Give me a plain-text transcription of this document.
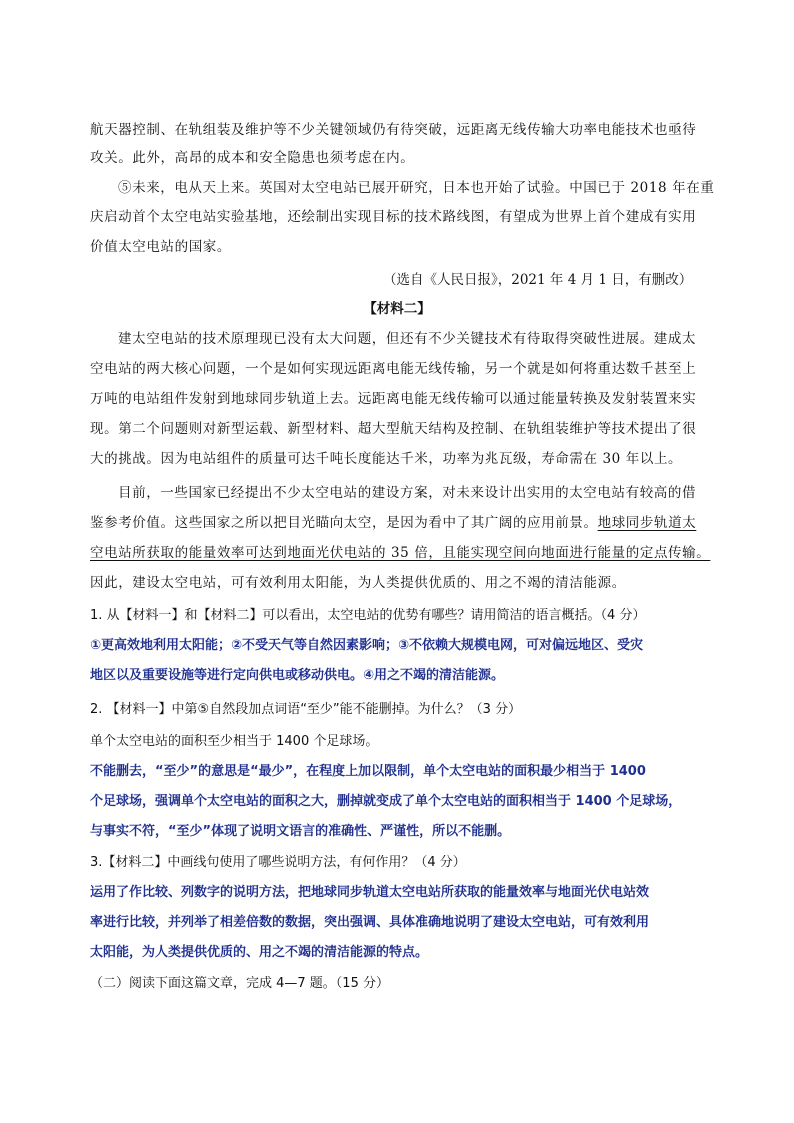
航天器控制、在轨组装及维护等不少关键领域仍有待突破，远距离无线传输大功率电能技术也亟待
攻关。此外，高昂的成本和安全隐患也须考虑在内。
⑤未来，电从天上来。英国对太空电站已展开研究，日本也开始了试验。中国已于 2018 年在重
庆启动首个太空电站实验基地，还绘制出实现目标的技术路线图，有望成为世界上首个建成有实用
价值太空电站的国家。
（选自《人民日报》，2021 年 4 月 1 日，有删改）
【材料二】
建太空电站的技术原理现已没有太大问题，但还有不少关键技术有待取得突破性进展。建成太
空电站的两大核心问题，一个是如何实现远距离电能无线传输，另一个就是如何将重达数千甚至上
万吨的电站组件发射到地球同步轨道上去。远距离电能无线传输可以通过能量转换及发射装置来实
现。第二个问题则对新型运载、新型材料、超大型航天结构及控制、在轨组装维护等技术提出了很
大的挑战。因为电站组件的质量可达千吨长度能达千米，功率为兆瓦级，寿命需在 30 年以上。
目前，一些国家已经提出不少太空电站的建设方案，对未来设计出实用的太空电站有较高的借
鉴参考价值。这些国家之所以把目光瞄向太空，是因为看中了其广阔的应用前景。地球同步轨道太
空电站所获取的能量效率可达到地面光伏电站的 35 倍，且能实现空间向地面进行能量的定点传输。
因此，建设太空电站，可有效利用太阳能，为人类提供优质的、用之不竭的清洁能源。
1. 从【材料一】和【材料二】可以看出，太空电站的优势有哪些？请用简洁的语言概括。（4 分）
①更高效地利用太阳能；②不受天气等自然因素影响；③不依赖大规模电网，可对偏远地区、受灾
地区以及重要设施等进行定向供电或移动供电。④用之不竭的清洁能源。
2. 【材料一】中第⑤自然段加点词语“至少”能不能删掉。为什么？（3 分）
单个太空电站的面积至少相当于 1400 个足球场。
不能删去，“至少”的意思是“最少”，在程度上加以限制，单个太空电站的面积最少相当于 1400
个足球场，强调单个太空电站的面积之大，删掉就变成了单个太空电站的面积相当于 1400 个足球场，
与事实不符，“至少”体现了说明文语言的准确性、严谨性，所以不能删。
3.【材料二】中画线句使用了哪些说明方法，有何作用？（4 分）
运用了作比较、列数字的说明方法，把地球同步轨道太空电站所获取的能量效率与地面光伏电站效
率进行比较，并列举了相差倍数的数据，突出强调、具体准确地说明了建设太空电站，可有效利用
太阳能，为人类提供优质的、用之不竭的清洁能源的特点。
（二）阅读下面这篇文章，完成 4—7 题。（15 分）
